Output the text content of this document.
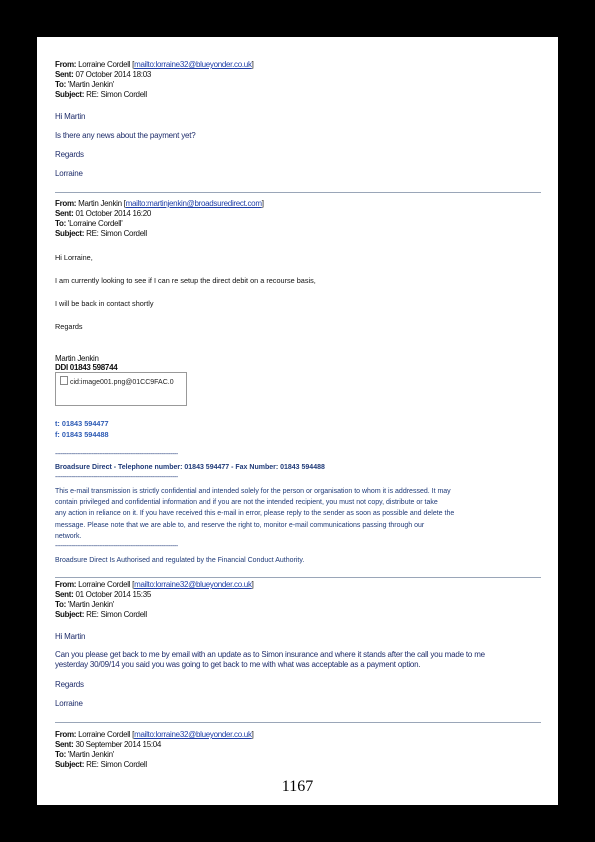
From: Lorraine Cordell [mailto:lorraine32@blueyonder.co.uk]
Sent: 07 October 2014 18:03
To: 'Martin Jenkin'
Subject: RE: Simon Cordell
Hi Martin
Is there any news about the payment yet?
Regards
Lorraine
From: Martin Jenkin [mailto:martinjenkin@broadsuredirect.com]
Sent: 01 October 2014 16:20
To: 'Lorraine Cordell'
Subject: RE: Simon Cordell
Hi Lorraine,
I am currently looking to see if I can re setup the direct debit on a recourse basis,
I will be back in contact shortly
Regards
Martin Jenkin
DDI 01843 598744
cid:image001.png@01CC9FAC.0
t: 01843 594477
f: 01843 594488
-------------------------------------------------------------------
Broadsure Direct - Telephone number: 01843 594477 - Fax Number: 01843 594488
-------------------------------------------------------------------
This e-mail transmission is strictly confidential and intended solely for the person or organisation to whom it is addressed. It may
contain privileged and confidential information and if you are not the intended recipient, you must not copy, distribute or take
any action in reliance on it. If you have received this e-mail in error, please reply to the sender as soon as possible and delete the
message. Please note that we are able to, and reserve the right to, monitor e-mail communications passing through our
network.
-------------------------------------------------------------------
Broadsure Direct Is Authorised and regulated by the Financial Conduct Authority.
From: Lorraine Cordell [mailto:lorraine32@blueyonder.co.uk]
Sent: 01 October 2014 15:35
To: 'Martin Jenkin'
Subject: RE: Simon Cordell
Hi Martin
Can you please get back to me by email with an update as to Simon insurance and where it stands after the call you made to me
yesterday 30/09/14 you said you was going to get back to me with what was acceptable as a payment option.
Regards
Lorraine
From: Lorraine Cordell [mailto:lorraine32@blueyonder.co.uk]
Sent: 30 September 2014 15:04
To: 'Martin Jenkin'
Subject: RE: Simon Cordell
1167
